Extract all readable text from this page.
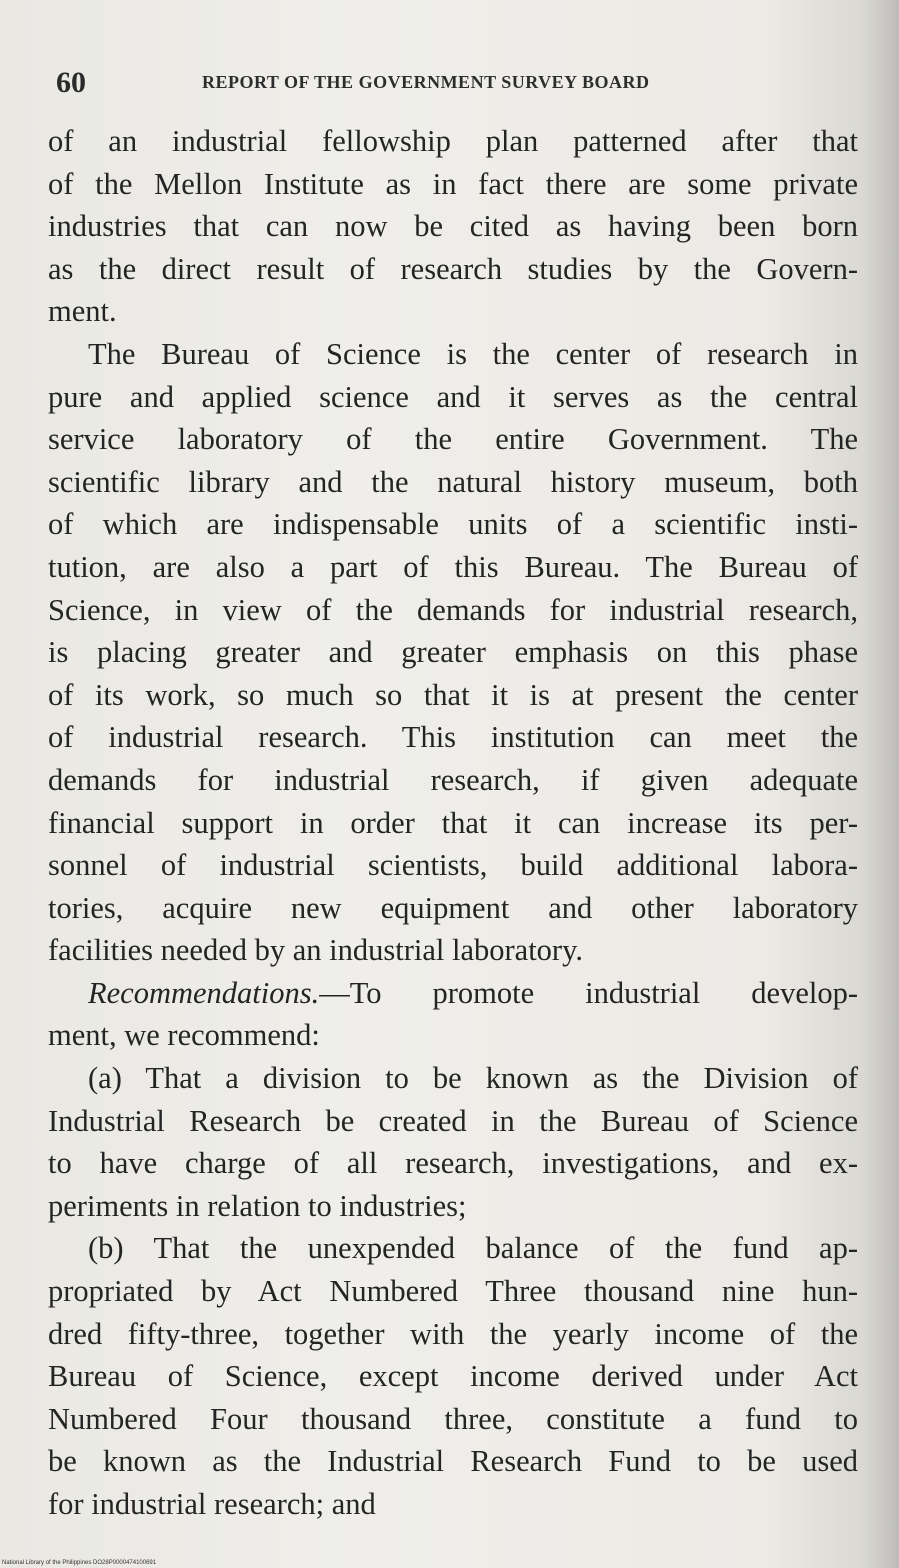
60	REPORT OF THE GOVERNMENT SURVEY BOARD
of an industrial fellowship plan patterned after that
of the Mellon Institute as in fact there are some private
industries that can now be cited as having been born
as the direct result of research studies by the Govern-
ment.
The Bureau of Science is the center of research in
pure and applied science and it serves as the central
service laboratory of the entire Government. The
scientific library and the natural history museum, both
of which are indispensable units of a scientific insti-
tution, are also a part of this Bureau. The Bureau of
Science, in view of the demands for industrial research,
is placing greater and greater emphasis on this phase
of its work, so much so that it is at present the center
of industrial research. This institution can meet the
demands for industrial research, if given adequate
financial support in order that it can increase its per-
sonnel of industrial scientists, build additional labora-
tories, acquire new equipment and other laboratory
facilities needed by an industrial laboratory.
Recommendations.—To promote industrial develop-
ment, we recommend:
(a) That a division to be known as the Division of
Industrial Research be created in the Bureau of Science
to have charge of all research, investigations, and ex-
periments in relation to industries;
(b) That the unexpended balance of the fund ap-
propriated by Act Numbered Three thousand nine hun-
dred fifty-three, together with the yearly income of the
Bureau of Science, except income derived under Act
Numbered Four thousand three, constitute a fund to
be known as the Industrial Research Fund to be used
for industrial research; and
National Library of the Philippines DO28P0000474100691
